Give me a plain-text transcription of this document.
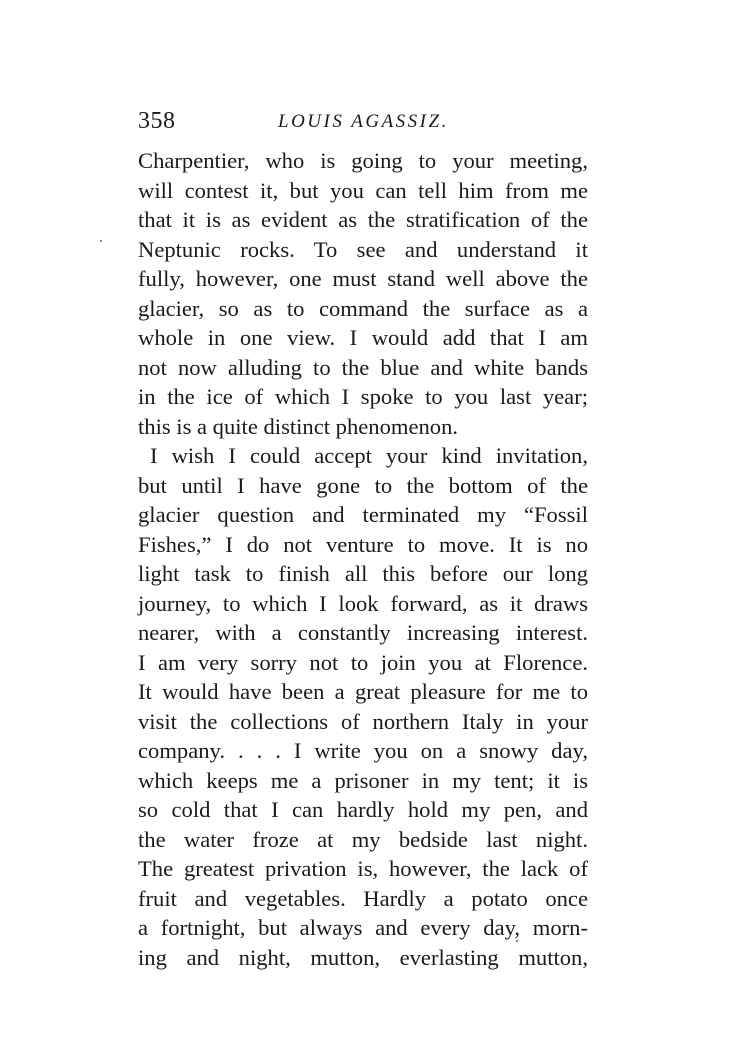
358	LOUIS AGASSIZ.
Charpentier, who is going to your meeting,
will contest it, but you can tell him from me
that it is as evident as the stratification of the
Neptunic rocks. To see and understand it
fully, however, one must stand well above the
glacier, so as to command the surface as a
whole in one view. I would add that I am
not now alluding to the blue and white bands
in the ice of which I spoke to you last year;
this is a quite distinct phenomenon.
I wish I could accept your kind invitation,
but until I have gone to the bottom of the
glacier question and terminated my “Fossil
Fishes,” I do not venture to move. It is no
light task to finish all this before our long
journey, to which I look forward, as it draws
nearer, with a constantly increasing interest.
I am very sorry not to join you at Florence.
It would have been a great pleasure for me to
visit the collections of northern Italy in your
company. . . . I write you on a snowy day,
which keeps me a prisoner in my tent; it is
so cold that I can hardly hold my pen, and
the water froze at my bedside last night.
The greatest privation is, however, the lack of
fruit and vegetables. Hardly a potato once
a fortnight, but always and every day, morn-
ing and night, mutton, everlasting mutton,
